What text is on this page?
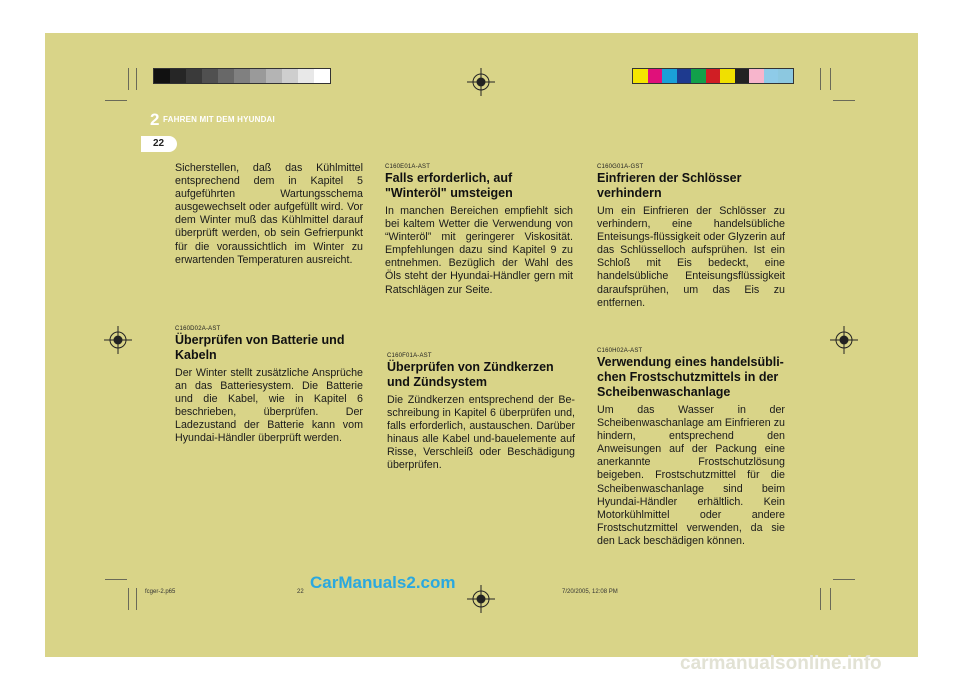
2 FAHREN MIT DEM HYUNDAI
22

Sicherstellen, daß das Kühlmittel entsprechend dem in Kapitel 5 aufgeführten Wartungsschema ausgewechselt oder aufgefüllt wird. Vor dem Winter muß das Kühlmittel darauf überprüft werden, ob sein Gefrierpunkt für die voraussichtlich im Winter zu erwartenden Temperaturen ausreicht.

C160D02A-AST
Überprüfen von Batterie und Kabeln

Der Winter stellt zusätzliche Ansprüche an das Batteriesystem. Die Batterie und die Kabel, wie in Kapitel 6 beschrieben, überprüfen. Der Ladezustand der Batterie kann vom Hyundai-Händler überprüft werden.

C160E01A-AST
Falls erforderlich, auf "Winteröl" umsteigen

In manchen Bereichen empfiehlt sich bei kaltem Wetter die Verwendung von “Winteröl” mit geringerer Viskosität. Empfehlungen dazu sind Kapitel 9 zu entnehmen. Bezüglich der Wahl des Öls steht der Hyundai-Händler gern mit Ratschlägen zur Seite.

C160F01A-AST
Überprüfen von Zündkerzen und Zündsystem

Die Zündkerzen entsprechend der Be-schreibung in Kapitel 6 überprüfen und, falls erforderlich, austauschen. Darüber hinaus alle Kabel und-bauelemente auf Risse, Verschleiß oder Beschädigung überprüfen.

C160G01A-GST
Einfrieren der Schlösser verhindern

Um ein Einfrieren der Schlösser zu verhindern, eine handelsübliche Enteisungs-flüssigkeit oder Glyzerin auf das Schlüsselloch aufsprühen. Ist ein Schloß mit Eis bedeckt, eine handelsübliche Enteisungsflüssigkeit daraufsprühen, um das Eis zu entfernen.

C160H02A-AST
Verwendung eines handelsübli-chen Frostschutzmittels in der Scheibenwaschanlage

Um das Wasser in der Scheibenwaschanlage am Einfrieren zu hindern, entsprechend den Anweisungen auf der Packung eine anerkannte Frostschutzlösung beigeben. Frostschutzmittel für die Scheibenwaschanlage sind beim Hyundai-Händler erhältlich. Kein Motorkühlmittel oder andere Frostschutzmittel verwenden, da sie den Lack beschädigen können.

fcger-2.p65	22	7/20/2005, 12:08 PM
CarManuals2.com
carmanualsonline.info
